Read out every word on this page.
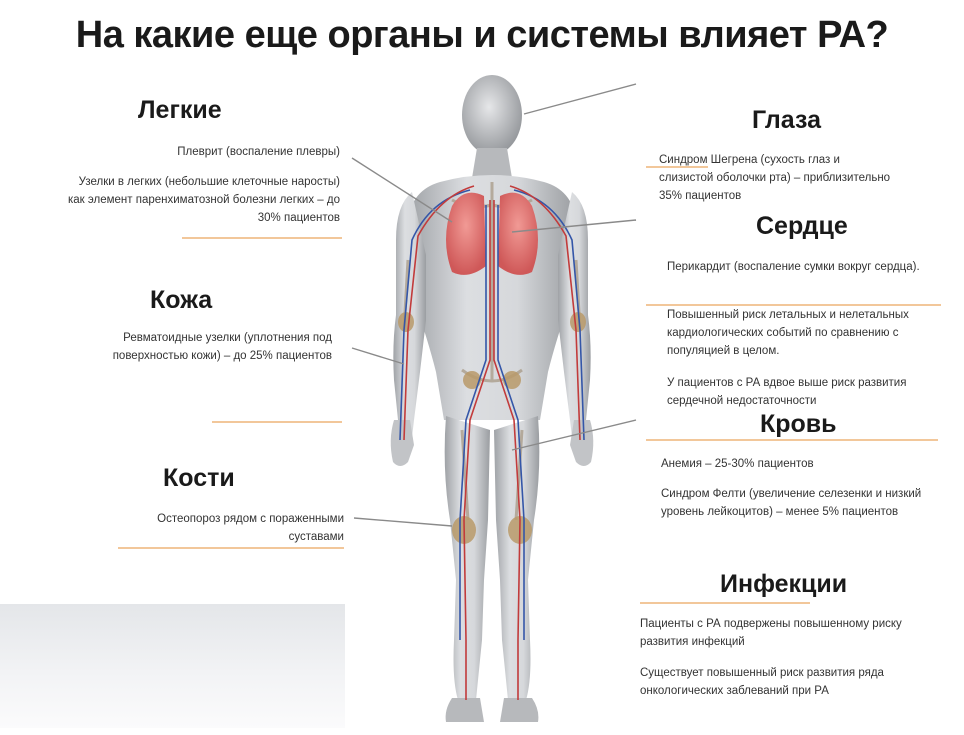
На какие еще органы и системы влияет РА?
Легкие
Плеврит (воспаление плевры)
Узелки в легких (небольшие клеточные наросты) как элемент паренхиматозной болезни легких – до 30% пациентов
Кожа
Ревматоидные узелки (уплотнения под поверхностью кожи) – до 25% пациентов
Кости
Остеопороз рядом с пораженными суставами
Глаза
Синдром Шегрена (сухость глаз и слизистой оболочки рта) – приблизительно 35% пациентов
Сердце
Перикардит (воспаление сумки вокруг сердца).
Повышенный риск летальных и нелетальных кардиологических событий по сравнению с популяцией в целом.
У пациентов с РА вдвое выше риск развития сердечной недостаточности
Кровь
Анемия – 25-30% пациентов
Синдром Фелти (увеличение селезенки и низкий уровень лейкоцитов) – менее 5% пациентов
Инфекции
Пациенты с РА подвержены повышенному риску развития инфекций
Существует повышенный риск развития ряда онкологических заблеваний при РА
